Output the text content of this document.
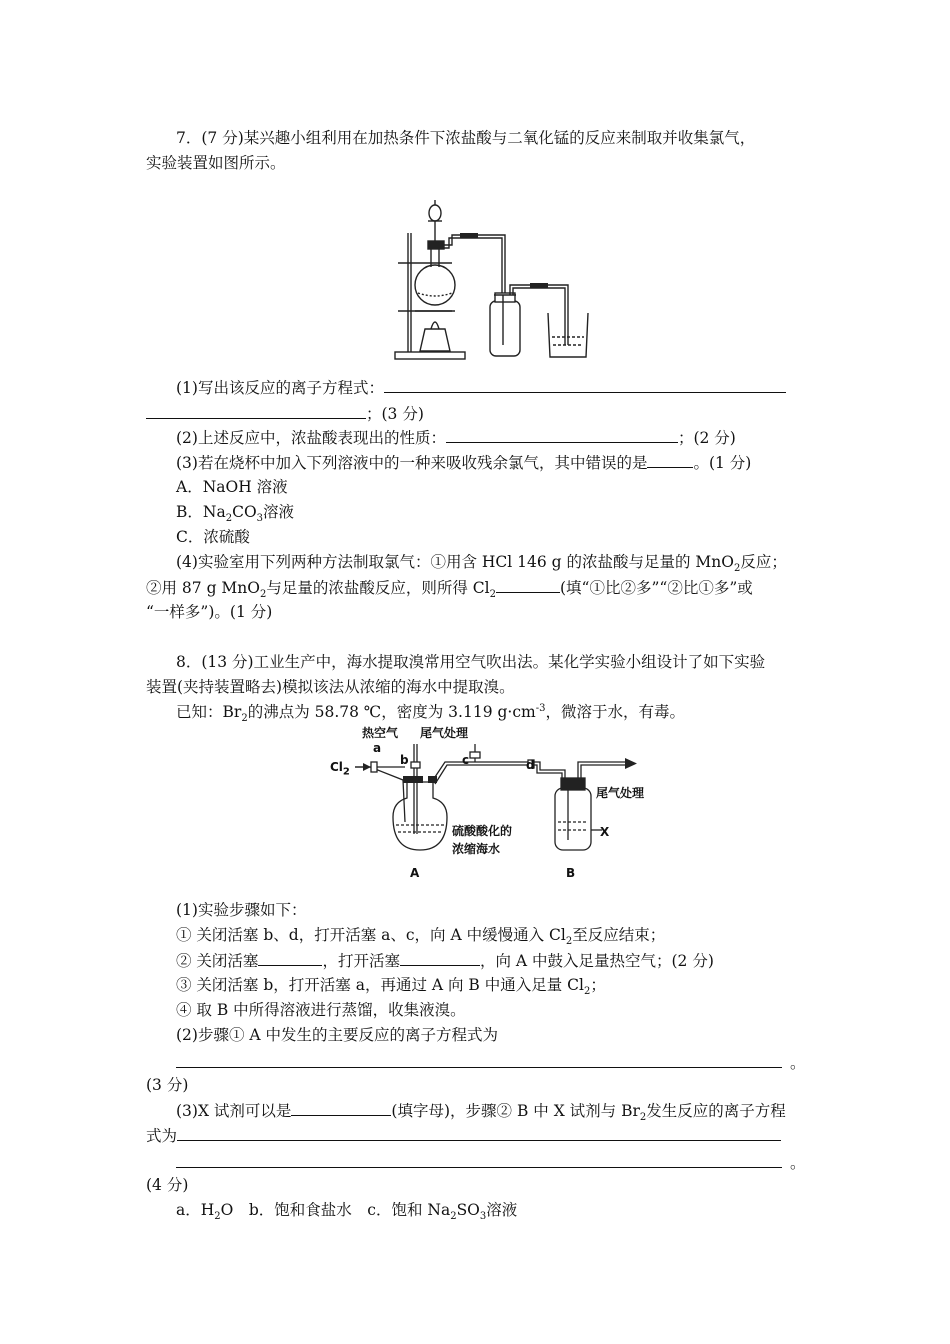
7．(7 分)某兴趣小组利用在加热条件下浓盐酸与二氧化锰的反应来制取并收集氯气，
实验装置如图所示。
(1)写出该反应的离子方程式：
；(3 分)
(2)上述反应中，浓盐酸表现出的性质：	；(2 分)
(3)若在烧杯中加入下列溶液中的一种来吸收残余氯气，其中错误的是	。(1 分)
A．NaOH 溶液
B．$Na_2CO_3$溶液
C．浓硫酸
(4)实验室用下列两种方法制取氯气：①用含 HCl 146 g 的浓盐酸与足量的 MnO$_2$反应；
②用 87 g MnO$_2$与足量的浓盐酸反应，则所得 $Cl_2$	(填“①比②多”“②比①多”或
“一样多”)。(1 分)
8．(13 分)工业生产中，海水提取溴常用空气吹出法。某化学实验小组设计了如下实验
装置(夹持装置略去)模拟该法从浓缩的海水中提取溴。
已知：$Br_2$的沸点为 58.78 ℃，密度为 3.119 $g\cdot cm^{-3}$，微溶于水，有毒。
热空气 尾气处理
$Cl_2$
a
b	c	d
尾气处理
X
硫酸酸化的
浓缩海水
A	B
(1)实验步骤如下：
① 关闭活塞 b、d，打开活塞 a、c，向 A 中缓慢通入 $Cl_2$至反应结束；
② 关闭活塞	，打开活塞	，向 A 中鼓入足量热空气；(2 分)
③ 关闭活塞 b，打开活塞 a，再通过 A 向 B 中通入足量 $Cl_2$；
④ 取 B 中所得溶液进行蒸馏，收集液溴。
(2)步骤① A 中发生的主要反应的离子方程式为
。
(3 分)
(3)X 试剂可以是	(填字母)，步骤② B 中 X 试剂与 $Br_2$发生反应的离子方程
式为
。
(4 分)
a．$H_2O$　b．饱和食盐水　c．饱和 $Na_2SO_3$溶液
